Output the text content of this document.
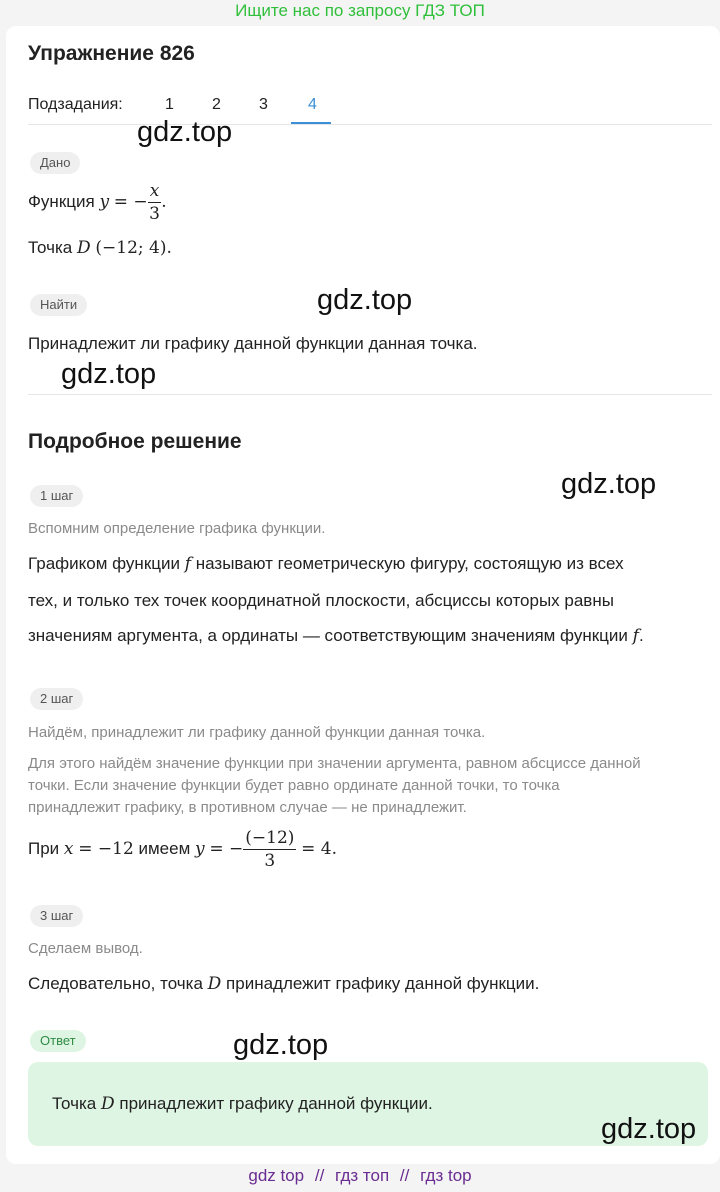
Ищите нас по запросу ГДЗ ТОП
Упражнение 826
Подзадания:	1 2 3	4
Дано
Функция y = − $\frac{x}{3}$ .
Точка D (−12; 4).
Найти
Принадлежит ли графику данной функции данная точка.
Подробное решение
1 шаг
Вспомним определение графика функции.
Графиком функции f называют геометрическую фигуру, состоящую из всех
тех, и только тех точек координатной плоскости, абсциссы которых равны
значениям аргумента, а ординаты — соответствующим значениям функции f.
2 шаг
Найдём, принадлежит ли графику данной функции данная точка.
Для этого найдём значение функции при значении аргумента, равном абсциссе данной
точки. Если значение функции будет равно ординате данной точки, то точка
принадлежит графику, в противном случае — не принадлежит.
При x = −12 имеем y = − $\frac{(-12)}{3} = 4$.
3 шаг
Сделаем вывод.
Следовательно, точка D принадлежит графику данной функции.
Ответ
Точка D принадлежит графику данной функции.
gdz.top
gdz.top
gdz.top
gdz.top
gdz.top
gdz.top
gdz top // гдз топ // гдз top
